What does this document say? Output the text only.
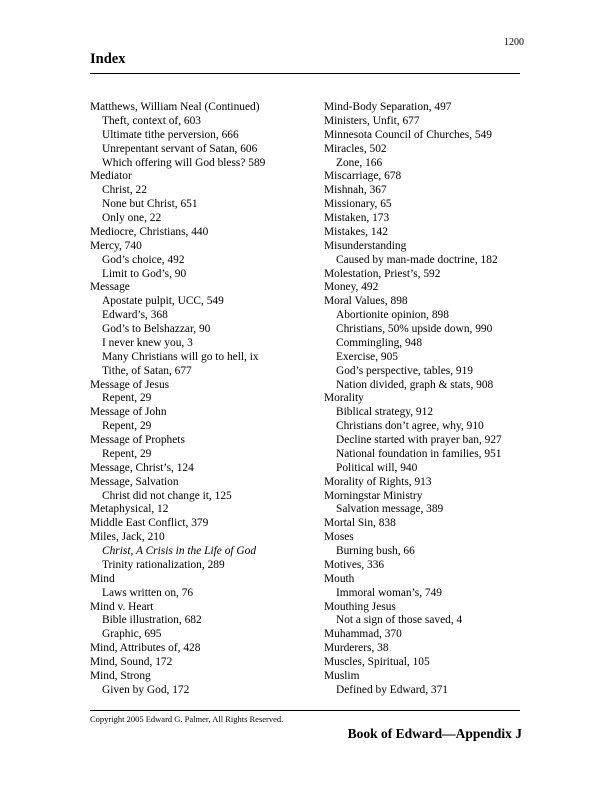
1200
Index
Matthews, William Neal (Continued)
Theft, context of, 603
Ultimate tithe perversion, 666
Unrepentant servant of Satan, 606
Which offering will God bless? 589
Mediator
Christ, 22
None but Christ, 651
Only one, 22
Mediocre, Christians, 440
Mercy, 740
God’s choice, 492
Limit to God’s, 90
Message
Apostate pulpit, UCC, 549
Edward’s, 368
God’s to Belshazzar, 90
I never knew you, 3
Many Christians will go to hell, ix
Tithe, of Satan, 677
Message of Jesus
Repent, 29
Message of John
Repent, 29
Message of Prophets
Repent, 29
Message, Christ’s, 124
Message, Salvation
Christ did not change it, 125
Metaphysical, 12
Middle East Conflict, 379
Miles, Jack, 210
Christ, A Crisis in the Life of God
Trinity rationalization, 289
Mind
Laws written on, 76
Mind v. Heart
Bible illustration, 682
Graphic, 695
Mind, Attributes of, 428
Mind, Sound, 172
Mind, Strong
Given by God, 172
Mind-Body Separation, 497
Ministers, Unfit, 677
Minnesota Council of Churches, 549
Miracles, 502
Zone, 166
Miscarriage, 678
Mishnah, 367
Missionary, 65
Mistaken, 173
Mistakes, 142
Misunderstanding
Caused by man-made doctrine, 182
Molestation, Priest’s, 592
Money, 492
Moral Values, 898
Abortionite opinion, 898
Christians, 50% upside down, 990
Commingling, 948
Exercise, 905
God’s perspective, tables, 919
Nation divided, graph & stats, 908
Morality
Biblical strategy, 912
Christians don’t agree, why, 910
Decline started with prayer ban, 927
National foundation in families, 951
Political will, 940
Morality of Rights, 913
Morningstar Ministry
Salvation message, 389
Mortal Sin, 838
Moses
Burning bush, 66
Motives, 336
Mouth
Immoral woman’s, 749
Mouthing Jesus
Not a sign of those saved, 4
Muhammad, 370
Murderers, 38
Muscles, Spiritual, 105
Muslim
Defined by Edward, 371
Copyright 2005 Edward G. Palmer, All Rights Reserved.
Book of Edward—Appendix J
